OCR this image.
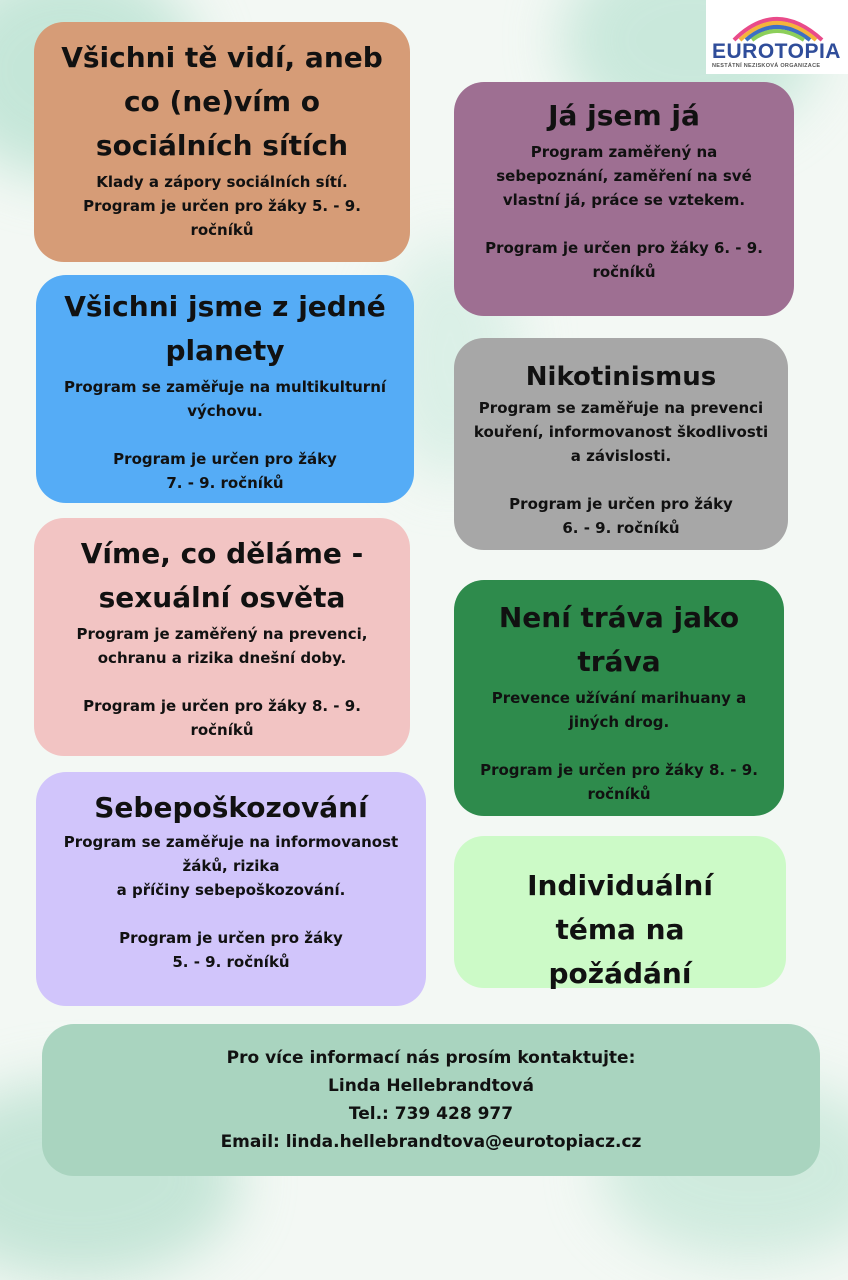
EUROTOPIA
NESTÁTNÍ NEZISKOVÁ ORGANIZACE
Všichni tě vidí, aneb co (ne)vím o sociálních sítích

Klady a zápory sociálních sítí.
Program je určen pro žáky 5. - 9. ročníků

Já jsem já

Program zaměřený na sebepoznání, zaměření na své vlastní já, práce se vztekem.

Program je určen pro žáky 6. - 9. ročníků

Všichni jsme z jedné planety

Program se zaměřuje na multikulturní výchovu.

Program je určen pro žáky
7. - 9. ročníků

Nikotinismus

Program se zaměřuje na prevenci kouření, informovanost škodlivosti a závislosti.

Program je určen pro žáky
6. - 9. ročníků

Víme, co děláme - sexuální osvěta

Program je zaměřený na prevenci, ochranu a rizika dnešní doby.

Program je určen pro žáky 8. - 9. ročníků

Není tráva jako tráva

Prevence užívání marihuany a jiných drog.

Program je určen pro žáky 8. - 9. ročníků

Sebepoškozování

Program se zaměřuje na informovanost žáků, rizika
a příčiny sebepoškozování.

Program je určen pro žáky
5. - 9. ročníků

Individuální téma na požádání
Pro více informací nás prosím kontaktujte:
Linda Hellebrandtová
Tel.: 739 428 977
Email: linda.hellebrandtova@eurotopiacz.cz
